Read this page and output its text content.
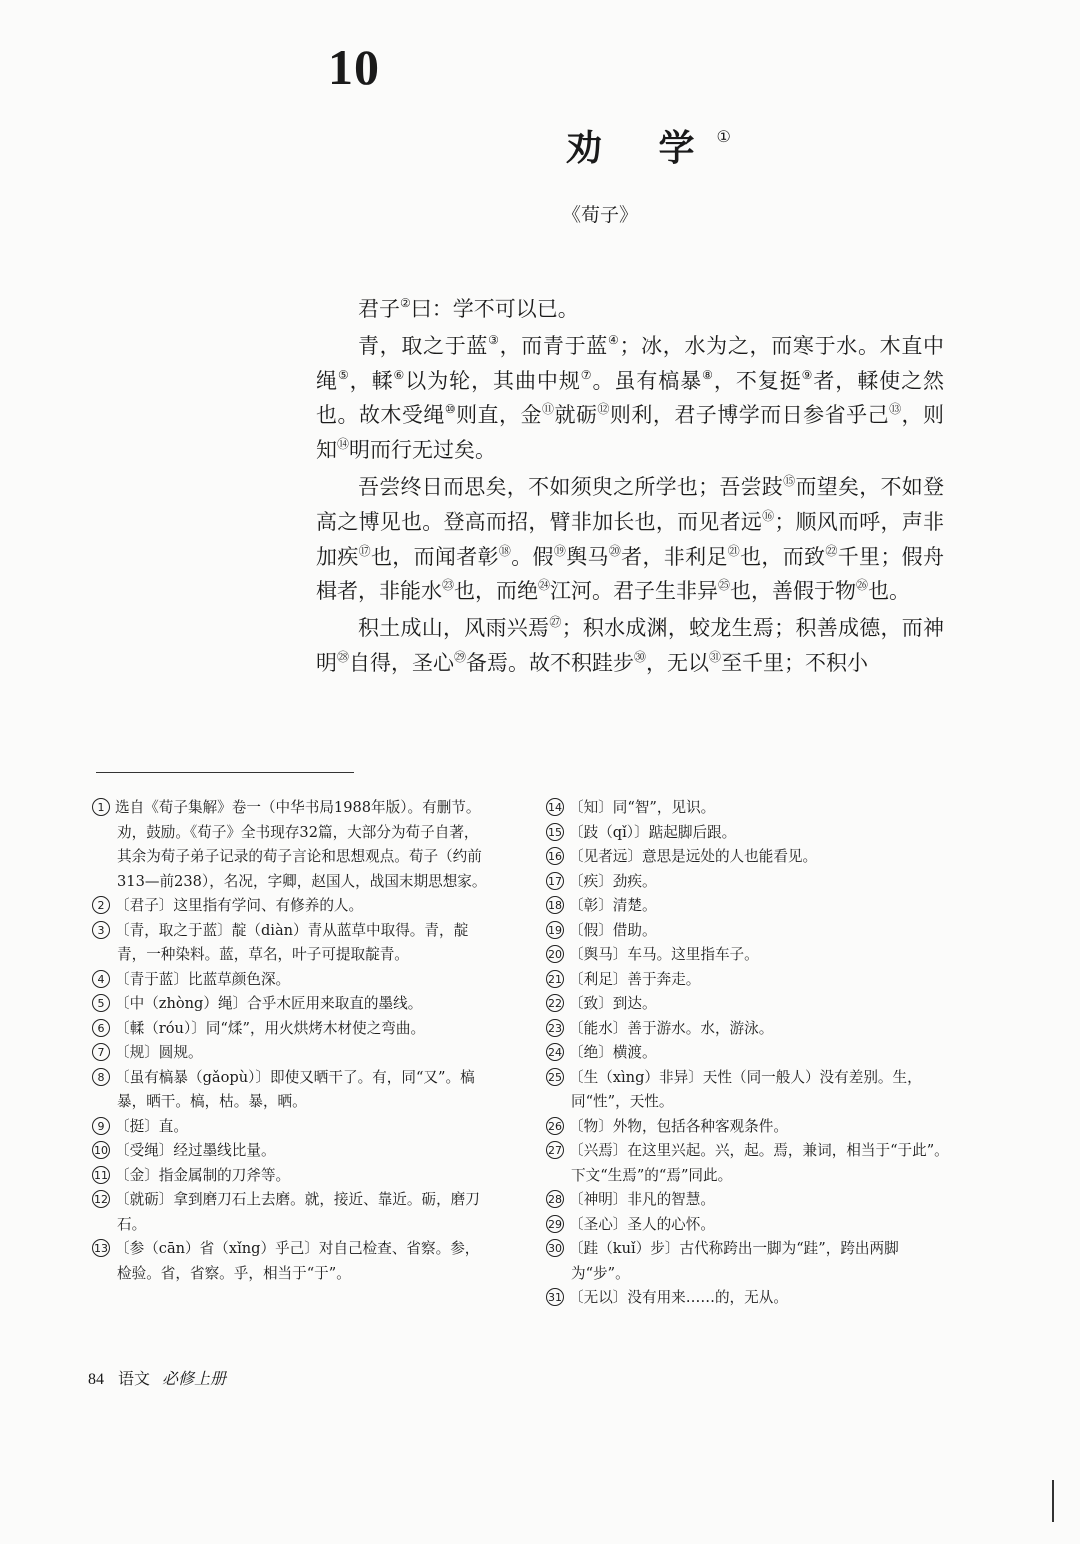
10
劝 学①
《荀子》

君子②曰：学不可以已。

青，取之于蓝③，而青于蓝④；冰，水为之，而寒于水。木直中绳⑤，輮⑥以为轮，其曲中规⑦。虽有槁暴⑧，不复挺⑨者，輮使之然也。故木受绳⑩则直，金⑪就砺⑫则利，君子博学而日参省乎己⑬，则知⑭明而行无过矣。

吾尝终日而思矣，不如须臾之所学也；吾尝跂⑮而望矣，不如登高之博见也。登高而招，臂非加长也，而见者远⑯；顺风而呼，声非加疾⑰也，而闻者彰⑱。假⑲舆马⑳者，非利足$^㉑$也，而致$^㉒$千里；假舟楫者，非能水$^㉓$也，而绝$^㉔$江河。君子生非异$^㉕$也，善假于物$^㉖$也。

积土成山，风雨兴焉$^㉗$；积水成渊，蛟龙生焉；积善成德，而神明$^㉘$自得，圣心$^㉙$备焉。故不积跬步$^㉚$，无以$^㉛$至千里；不积小

1 选自《荀子集解》卷一（中华书局1988年版）。有删节。劝，鼓励。《荀子》全书现存32篇，大部分为荀子自著，其余为荀子弟子记录的荀子言论和思想观点。荀子（约前313—前238），名况，字卿，赵国人，战国末期思想家。
2 〔君子〕这里指有学问、有修养的人。
3 〔青，取之于蓝〕靛（diàn）青从蓝草中取得。青，靛青，一种染料。蓝，草名，叶子可提取靛青。
4 〔青于蓝〕比蓝草颜色深。
5 〔中（zhòng）绳〕合乎木匠用来取直的墨线。
6 〔輮（róu）〕同“煣”，用火烘烤木材使之弯曲。
7 〔规〕圆规。
8 〔虽有槁暴（gǎopù）〕即使又晒干了。有，同“又”。槁暴，晒干。槁，枯。暴，晒。
9 〔挺〕直。
10 〔受绳〕经过墨线比量。
11 〔金〕指金属制的刀斧等。
12 〔就砺〕拿到磨刀石上去磨。就，接近、靠近。砺，磨刀石。
13 〔参（cān）省（xǐng）乎己〕对自己检查、省察。参，检验。省，省察。乎，相当于“于”。
14 〔知〕同“智”，见识。
15 〔跂（qǐ）〕踮起脚后跟。
16 〔见者远〕意思是远处的人也能看见。
17 〔疾〕劲疾。
18 〔彰〕清楚。
19 〔假〕借助。
20 〔舆马〕车马。这里指车子。
21 〔利足〕善于奔走。
22 〔致〕到达。
23 〔能水〕善于游水。水，游泳。
24 〔绝〕横渡。
25 〔生（xìng）非异〕天性（同一般人）没有差别。生，同“性”，天性。
26 〔物〕外物，包括各种客观条件。
27 〔兴焉〕在这里兴起。兴，起。焉，兼词，相当于“于此”。下文“生焉”的“焉”同此。
28 〔神明〕非凡的智慧。
29 〔圣心〕圣人的心怀。
30 〔跬（kuǐ）步〕古代称跨出一脚为“跬”，跨出两脚为“步”。
31 〔无以〕没有用来……的，无从。
84 语文 必修上册
